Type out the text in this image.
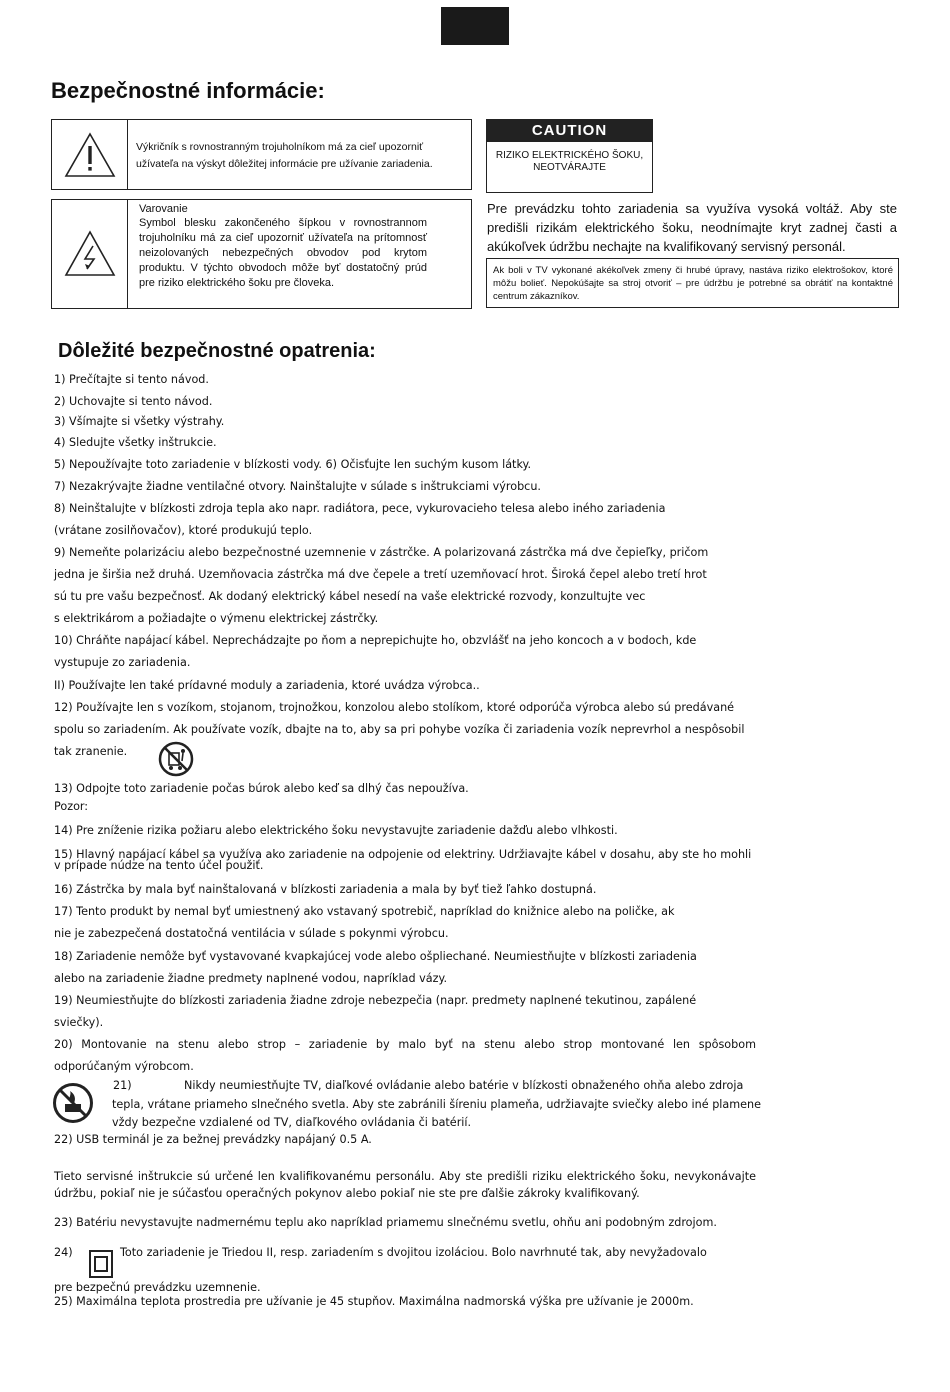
Bezpečnostné informácie:
Výkričník s rovnostranným trojuholníkom má za cieľ upozorniť užívateľa na výskyt dôležitej informácie pre užívanie zariadenia.
Varovanie
Symbol blesku zakončeného šípkou v rovnostrannom trojuholníku má za cieľ upozorniť užívateľa na prítomnosť neizolovaných nebezpečných obvodov pod krytom produktu. V týchto obvodoch môže byť dostatočný prúd pre riziko elektrického šoku pre človeka.
CAUTION
RIZIKO ELEKTRICKÉHO ŠOKU, NEOTVÁRAJTE
Pre prevádzku tohto zariadenia sa využíva vysoká voltáž. Aby ste predišli rizikám elektrického šoku, neodnímajte kryt zadnej časti a akúkoľvek údržbu nechajte na kvalifikovaný servisný personál.
Ak boli v TV vykonané akékoľvek zmeny či hrubé úpravy, nastáva riziko elektrošokov, ktoré môžu bolieť. Nepokúšajte sa stroj otvoriť – pre údržbu je potrebné sa obrátiť na kontaktné centrum zákazníkov.
Dôležité bezpečnostné opatrenia:
1) Prečítajte si tento návod.
2) Uchovajte si tento návod.
3) Všímajte si všetky výstrahy.
4) Sledujte všetky inštrukcie.
5) Nepoužívajte toto zariadenie v blízkosti vody. 6) Očisťujte len suchým kusom látky.
7) Nezakrývajte žiadne ventilačné otvory. Nainštalujte v súlade s inštrukciami výrobcu.
8) Neinštalujte v blízkosti zdroja tepla ako napr. radiátora, pece, vykurovacieho telesa alebo iného zariadenia
(vrátane zosilňovačov), ktoré produkujú teplo.
9) Nemeňte polarizáciu alebo bezpečnostné uzemnenie v zástrčke. A polarizovaná zástrčka má dve čepieľky, pričom
jedna je širšia než druhá. Uzemňovacia zástrčka má dve čepele a tretí uzemňovací hrot. Široká čepel alebo tretí hrot
sú tu pre vašu bezpečnosť. Ak dodaný elektrický kábel nesedí na vaše elektrické rozvody, konzultujte vec
s elektrikárom a požiadajte o výmenu elektrickej zástrčky.
10) Chráňte napájací kábel. Neprechádzajte po ňom a neprepichujte ho, obzvlášť na jeho koncoch a v bodoch, kde
vystupuje zo zariadenia.
II) Používajte len také prídavné moduly a zariadenia, ktoré uvádza výrobca..
12) Používajte len s vozíkom, stojanom, trojnožkou, konzolou alebo stolíkom, ktoré odporúča výrobca alebo sú predávané
spolu so zariadením. Ak používate vozík, dbajte na to, aby sa pri pohybe vozíka či zariadenia vozík neprevrhol a nespôsobil
tak zranenie.
13) Odpojte toto zariadenie počas búrok alebo keď sa dlhý čas nepoužíva.
Pozor:
14) Pre zníženie rizika požiaru alebo elektrického šoku nevystavujte zariadenie dažďu alebo vlhkosti.
15) Hlavný napájací kábel sa využíva ako zariadenie na odpojenie od elektriny. Udržiavajte kábel v dosahu, aby ste ho mohli
v prípade núdze na tento účel použiť.
16) Zástrčka by mala byť nainštalovaná v blízkosti zariadenia a mala by byť tiež ľahko dostupná.
17) Tento produkt by nemal byť umiestnený ako vstavaný spotrebič, napríklad do knižnice alebo na poličke, ak
nie je zabezpečená dostatočná ventilácia v súlade s pokynmi výrobcu.
18) Zariadenie nemôže byť vystavované kvapkajúcej vode alebo ošpliechané. Neumiestňujte v blízkosti zariadenia
alebo na zariadenie žiadne predmety naplnené vodou, napríklad vázy.
19) Neumiestňujte do blízkosti zariadenia žiadne zdroje nebezpečia (napr. predmety naplnené tekutinou, zapálené
sviečky).
20) Montovanie na stenu alebo strop – zariadenie by malo byť na stenu alebo strop montované len spôsobom
odporúčaným výrobcom.
21)	Nikdy neumiestňujte TV, diaľkové ovládanie alebo batérie v blízkosti obnaženého ohňa alebo zdroja
tepla, vrátane priameho slnečného svetla. Aby ste zabránili šíreniu plameňa, udržiavajte sviečky alebo iné plamene
vždy bezpečne vzdialené od TV, diaľkového ovládania či batérií.
22) USB terminál je za bežnej prevádzky napájaný 0.5 A.
Tieto servisné inštrukcie sú určené len kvalifikovanému personálu. Aby ste predišli riziku elektrického šoku, nevykonávajte údržbu, pokiaľ nie je súčasťou operačných pokynov alebo pokiaľ nie ste pre ďalšie zákroky kvalifikovaný.
23) Batériu nevystavujte nadmernému teplu ako napríklad priamemu slnečnému svetlu, ohňu ani podobným zdrojom.
24)	Toto zariadenie je Triedou II, resp. zariadením s dvojitou izoláciou. Bolo navrhnuté tak, aby nevyžadovalo
pre bezpečnú prevádzku uzemnenie.
25) Maximálna teplota prostredia pre užívanie je 45 stupňov. Maximálna nadmorská výška pre užívanie je 2000m.
